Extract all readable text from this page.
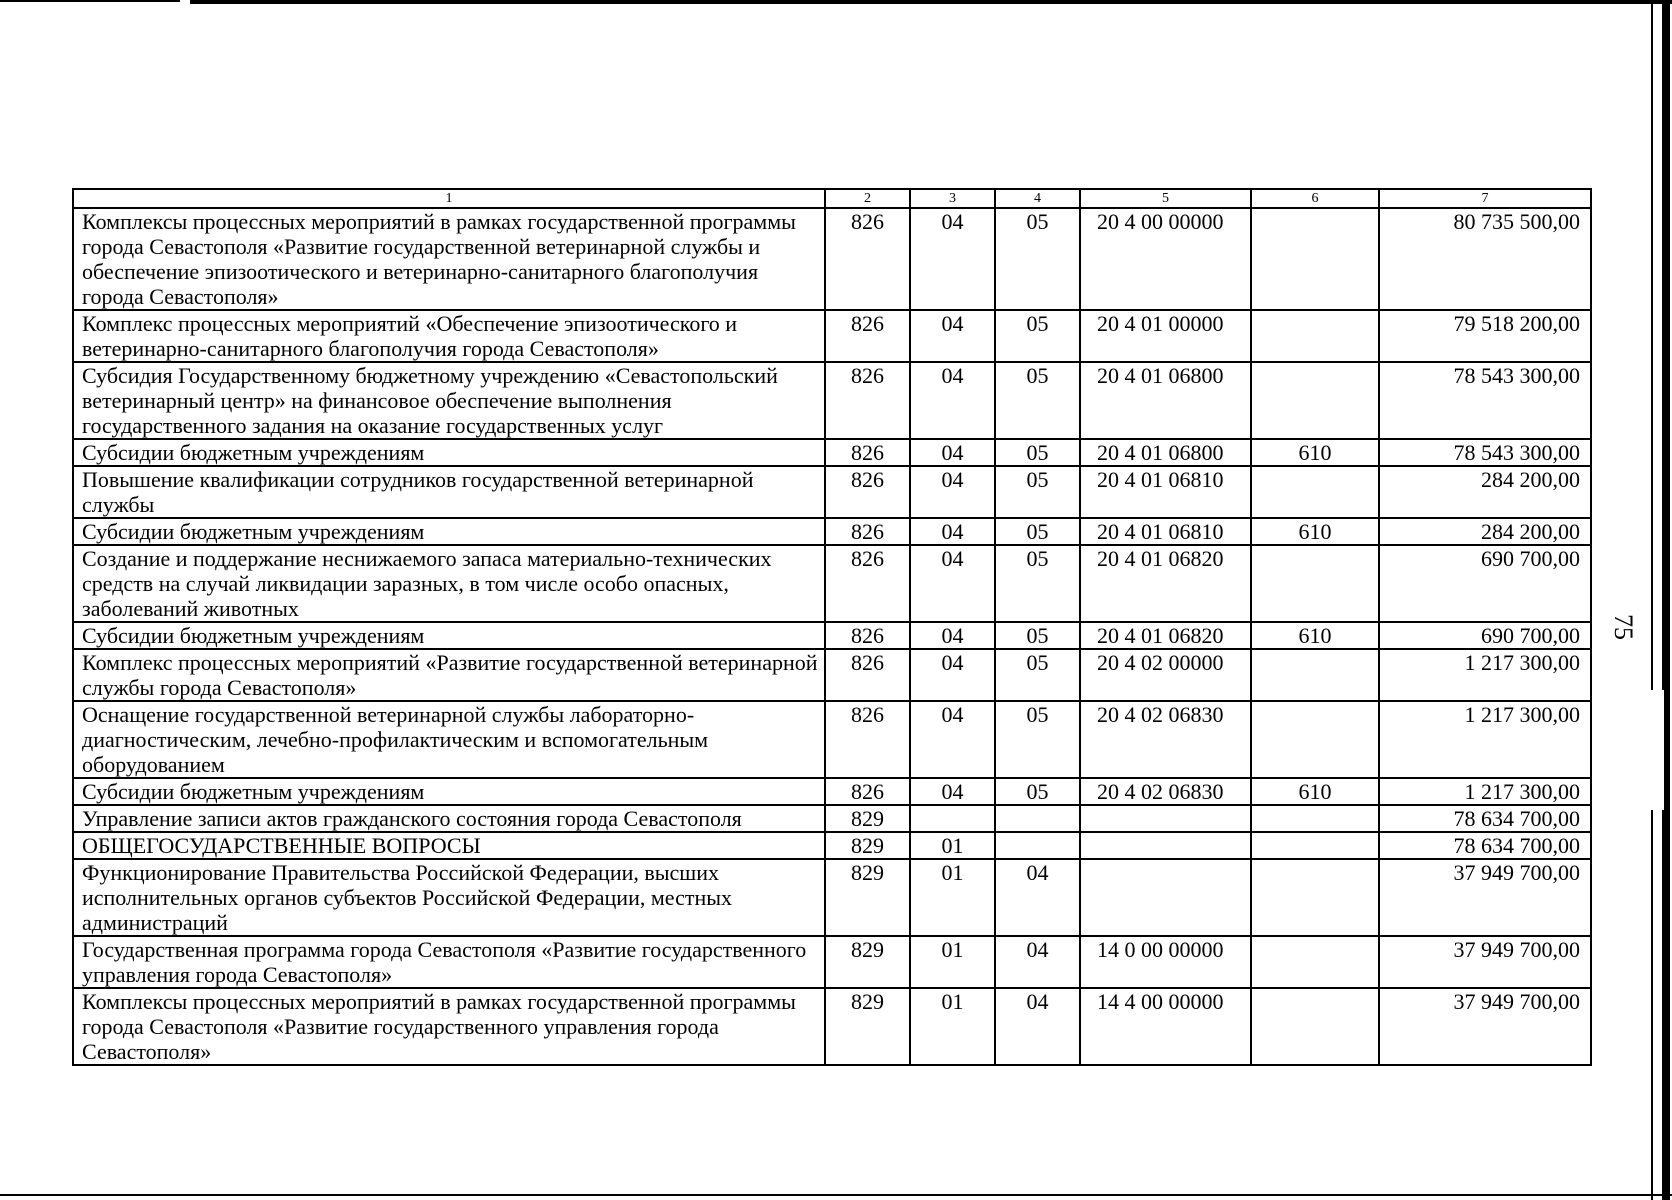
75
1	2	3	4	5	6	7
Комплексы процессных мероприятий в рамках государственной программы города Севастополя «Развитие государственной ветеринарной службы и обеспечение эпизоотического и ветеринарно-санитарного благополучия города Севастополя»	826	04	05	20 4 00 00000		80 735 500,00
Комплекс процессных мероприятий «Обеспечение эпизоотического и ветеринарно-санитарного благополучия города Севастополя»	826	04	05	20 4 01 00000		79 518 200,00
Субсидия Государственному бюджетному учреждению «Севастопольский ветеринарный центр» на финансовое обеспечение выполнения государственного задания на оказание государственных услуг	826	04	05	20 4 01 06800		78 543 300,00
Субсидии бюджетным учреждениям	826	04	05	20 4 01 06800	610	78 543 300,00
Повышение квалификации сотрудников государственной ветеринарной службы	826	04	05	20 4 01 06810		284 200,00
Субсидии бюджетным учреждениям	826	04	05	20 4 01 06810	610	284 200,00
Создание и поддержание неснижаемого запаса материально-технических средств на случай ликвидации заразных, в том числе особо опасных, заболеваний животных	826	04	05	20 4 01 06820		690 700,00
Субсидии бюджетным учреждениям	826	04	05	20 4 01 06820	610	690 700,00
Комплекс процессных мероприятий «Развитие государственной ветеринарной службы города Севастополя»	826	04	05	20 4 02 00000		1 217 300,00
Оснащение государственной ветеринарной службы лабораторно-диагностическим, лечебно-профилактическим и вспомогательным оборудованием	826	04	05	20 4 02 06830		1 217 300,00
Субсидии бюджетным учреждениям	826	04	05	20 4 02 06830	610	1 217 300,00
Управление записи актов гражданского состояния города Севастополя	829					78 634 700,00
ОБЩЕГОСУДАРСТВЕННЫЕ ВОПРОСЫ	829	01				78 634 700,00
Функционирование Правительства Российской Федерации, высших исполнительных органов субъектов Российской Федерации, местных администраций	829	01	04			37 949 700,00
Государственная программа города Севастополя «Развитие государственного управления города Севастополя»	829	01	04	14 0 00 00000		37 949 700,00
Комплексы процессных мероприятий в рамках государственной программы города Севастополя «Развитие государственного управления города Севастополя»	829	01	04	14 4 00 00000		37 949 700,00
